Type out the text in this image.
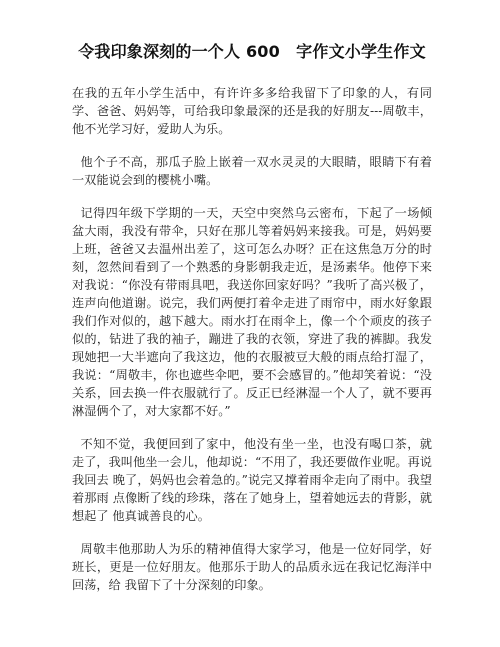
令我印象深刻的一个人 600　字作文小学生作文

在我的五年小学生活中，有许许多多给我留下了印象的人，有同学、爸爸、妈妈等，可给我印象最深的还是我的好朋友---周敬丰，他不光学习好，爱助人为乐。

他个子不高，那瓜子脸上嵌着一双水灵灵的大眼睛，眼睛下有着一双能说会到的樱桃小嘴。

记得四年级下学期的一天，天空中突然乌云密布，下起了一场倾盆大雨，我没有带伞，只好在那儿等着妈妈来接我。可是，妈妈要上班，爸爸又去温州出差了，这可怎么办呀？正在这焦急万分的时刻，忽然间看到了一个熟悉的身影朝我走近，是汤素华。他停下来对我说：“你没有带雨具吧，我送你回家好吗？”我听了高兴极了，连声向他道谢。说完，我们两便打着伞走进了雨帘中，雨水好象跟我们作对似的，越下越大。雨水打在雨伞上，像一个个顽皮的孩子似的，钻进了我的袖子，蹦进了我的衣领，穿进了我的裤脚。我发现她把一大半遮向了我这边，他的衣服被豆大般的雨点给打湿了，我说：“周敬丰，你也遮些伞吧，要不会感冒的。”他却笑着说：“没关系，回去换一件衣服就行了。反正已经淋湿一个人了，就不要再淋湿俩个了，对大家都不好。”

不知不觉，我便回到了家中，他没有坐一坐，也没有喝口茶，就走了，我叫他坐一会儿，他却说：“不用了，我还要做作业呢。再说我回去 晚了，妈妈也会着急的。”说完又撑着雨伞走向了雨中。我望着那雨 点像断了线的珍珠，落在了她身上，望着她远去的背影，就想起了 他真诚善良的心。

周敬丰他那助人为乐的精神值得大家学习，他是一位好同学，好班长，更是一位好朋友。他那乐于助人的品质永远在我记忆海洋中回荡，给 我留下了十分深刻的印象。
